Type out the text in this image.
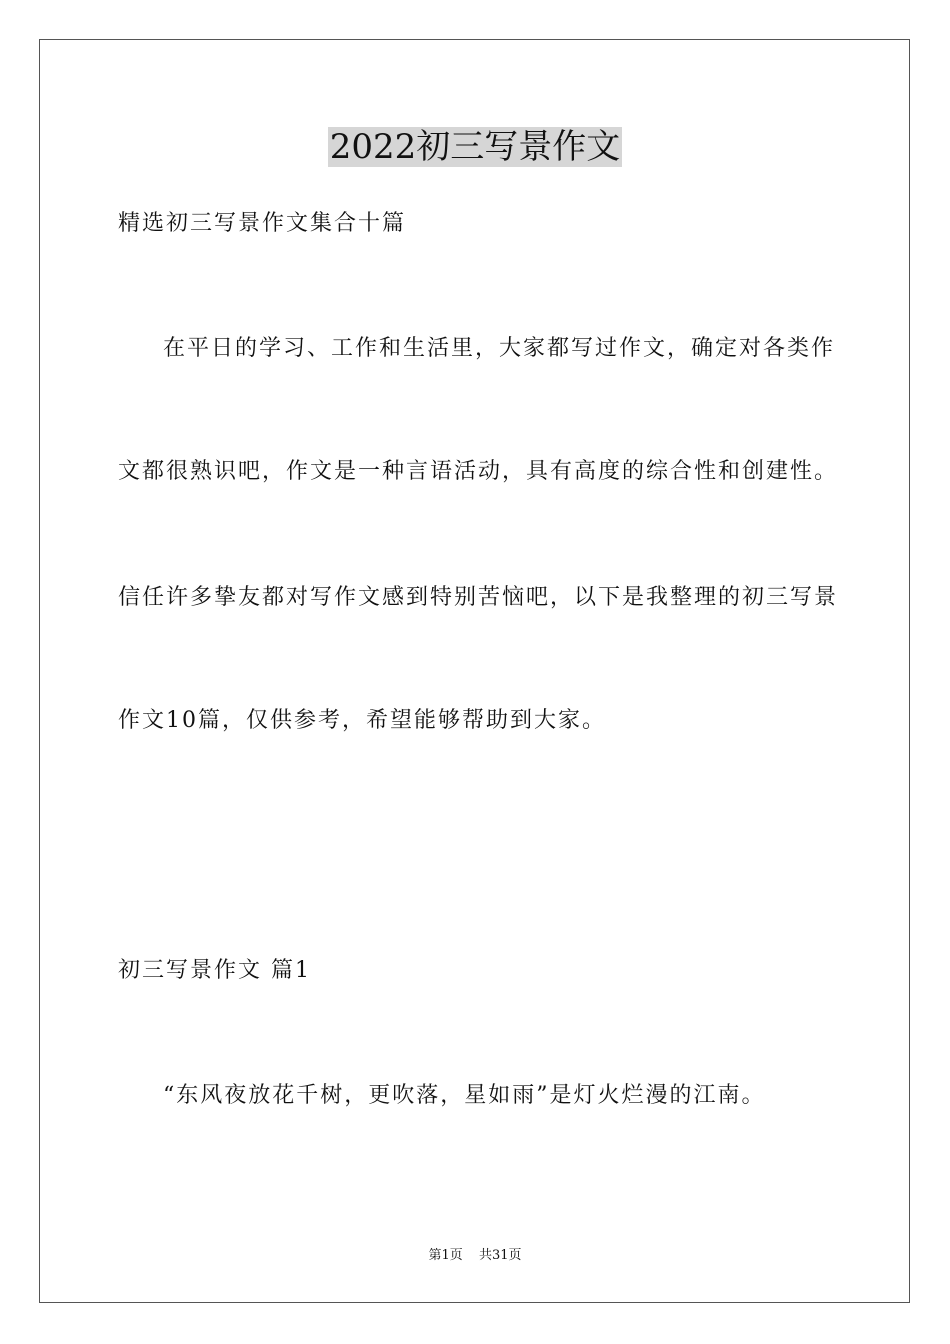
2022初三写景作文
精选初三写景作文集合十篇
在平日的学习、工作和生活里，大家都写过作文，确定对各类作
文都很熟识吧，作文是一种言语活动，具有高度的综合性和创建性。
信任许多挚友都对写作文感到特别苦恼吧，以下是我整理的初三写景
作文10篇，仅供参考，希望能够帮助到大家。
初三写景作文 篇1
“东风夜放花千树，更吹落，星如雨”是灯火烂漫的江南。
第1页 共31页
